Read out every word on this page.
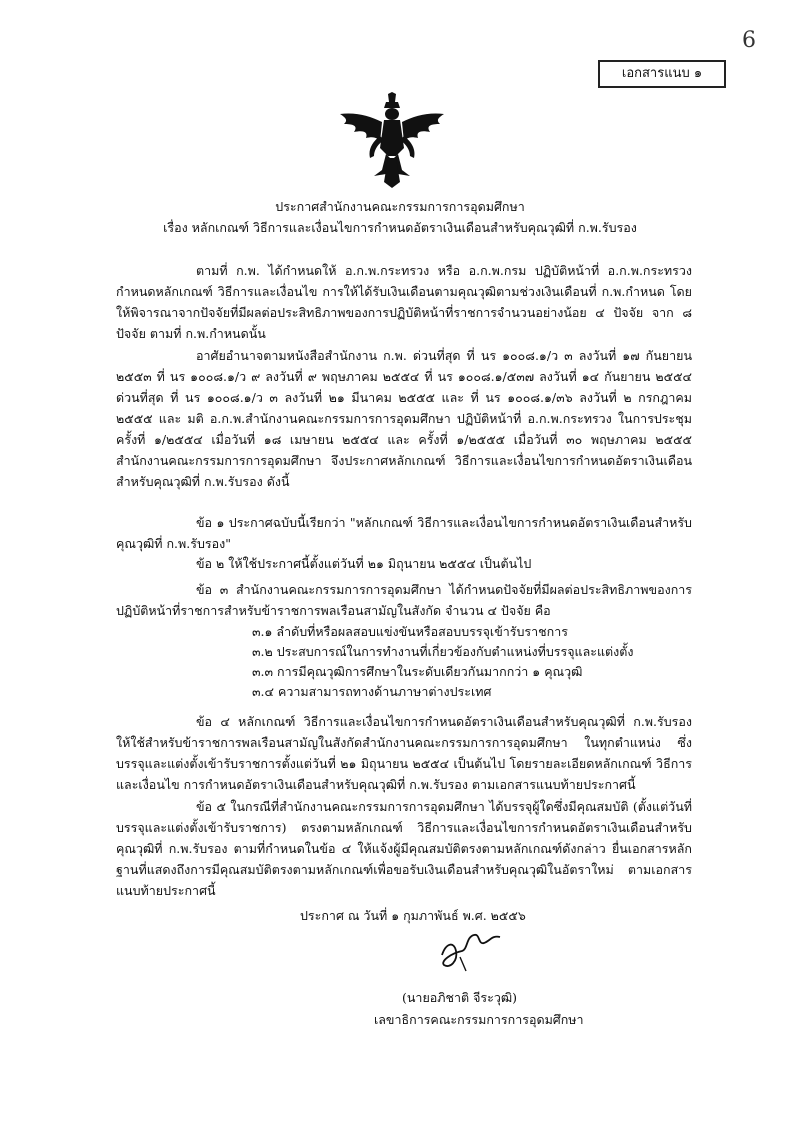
6
เอกสารแนบ ๑
ประกาศสำนักงานคณะกรรมการการอุดมศึกษา
เรื่อง หลักเกณฑ์ วิธีการและเงื่อนไขการกำหนดอัตราเงินเดือนสำหรับคุณวุฒิที่ ก.พ.รับรอง

ตามที่ ก.พ. ได้กำหนดให้ อ.ก.พ.กระทรวง หรือ อ.ก.พ.กรม ปฏิบัติหน้าที่ อ.ก.พ.กระทรวง กำหนดหลักเกณฑ์ วิธีการและเงื่อนไข การให้ได้รับเงินเดือนตามคุณวุฒิตามช่วงเงินเดือนที่ ก.พ.กำหนด โดยให้พิจารณาจากปัจจัยที่มีผลต่อประสิทธิภาพของการปฏิบัติหน้าที่ราชการจำนวนอย่างน้อย ๔ ปัจจัย จาก ๘ ปัจจัย ตามที่ ก.พ.กำหนดนั้น

อาศัยอำนาจตามหนังสือสำนักงาน ก.พ. ด่วนที่สุด ที่ นร ๑๐๐๘.๑/ว ๓ ลงวันที่ ๑๗ กันยายน ๒๕๕๓ ที่ นร ๑๐๐๘.๑/ว ๙ ลงวันที่ ๙ พฤษภาคม ๒๕๕๔ ที่ นร ๑๐๐๘.๑/๕๓๗ ลงวันที่ ๑๔ กันยายน ๒๕๕๔ ด่วนที่สุด ที่ นร ๑๐๐๘.๑/ว ๓ ลงวันที่ ๒๑ มีนาคม ๒๕๕๕ และ ที่ นร ๑๐๐๘.๑/๓๖ ลงวันที่ ๒ กรกฎาคม ๒๕๕๕ และ มติ อ.ก.พ.สำนักงานคณะกรรมการการอุดมศึกษา ปฏิบัติหน้าที่ อ.ก.พ.กระทรวง ในการประชุมครั้งที่ ๑/๒๕๕๔ เมื่อวันที่ ๑๘ เมษายน ๒๕๕๔ และ ครั้งที่ ๑/๒๕๕๕ เมื่อวันที่ ๓๐ พฤษภาคม ๒๕๕๕ สำนักงานคณะกรรมการการอุดมศึกษา จึงประกาศหลักเกณฑ์ วิธีการและเงื่อนไขการกำหนดอัตราเงินเดือนสำหรับคุณวุฒิที่ ก.พ.รับรอง ดังนี้

ข้อ ๑ ประกาศฉบับนี้เรียกว่า "หลักเกณฑ์ วิธีการและเงื่อนไขการกำหนดอัตราเงินเดือนสำหรับคุณวุฒิที่ ก.พ.รับรอง"

ข้อ ๒ ให้ใช้ประกาศนี้ตั้งแต่วันที่ ๒๑ มิถุนายน ๒๕๕๔ เป็นต้นไป

ข้อ ๓ สำนักงานคณะกรรมการการอุดมศึกษา ได้กำหนดปัจจัยที่มีผลต่อประสิทธิภาพของการปฏิบัติหน้าที่ราชการสำหรับข้าราชการพลเรือนสามัญในสังกัด จำนวน ๔ ปัจจัย คือ

๓.๑ ลำดับที่หรือผลสอบแข่งขันหรือสอบบรรจุเข้ารับราชการ
๓.๒ ประสบการณ์ในการทำงานที่เกี่ยวข้องกับตำแหน่งที่บรรจุและแต่งตั้ง
๓.๓ การมีคุณวุฒิการศึกษาในระดับเดียวกันมากกว่า ๑ คุณวุฒิ
๓.๔ ความสามารถทางด้านภาษาต่างประเทศ

ข้อ ๔ หลักเกณฑ์ วิธีการและเงื่อนไขการกำหนดอัตราเงินเดือนสำหรับคุณวุฒิที่ ก.พ.รับรอง ให้ใช้สำหรับข้าราชการพลเรือนสามัญในสังกัดสำนักงานคณะกรรมการการอุดมศึกษา ในทุกตำแหน่ง ซึ่งบรรจุและแต่งตั้งเข้ารับราชการตั้งแต่วันที่ ๒๑ มิถุนายน ๒๕๕๔ เป็นต้นไป โดยรายละเอียดหลักเกณฑ์ วิธีการและเงื่อนไข การกำหนดอัตราเงินเดือนสำหรับคุณวุฒิที่ ก.พ.รับรอง ตามเอกสารแนบท้ายประกาศนี้

ข้อ ๕ ในกรณีที่สำนักงานคณะกรรมการการอุดมศึกษา ได้บรรจุผู้ใดซึ่งมีคุณสมบัติ (ตั้งแต่วันที่บรรจุและแต่งตั้งเข้ารับราชการ) ตรงตามหลักเกณฑ์ วิธีการและเงื่อนไขการกำหนดอัตราเงินเดือนสำหรับคุณวุฒิที่ ก.พ.รับรอง ตามที่กำหนดในข้อ ๔ ให้แจ้งผู้มีคุณสมบัติตรงตามหลักเกณฑ์ดังกล่าว ยื่นเอกสารหลักฐานที่แสดงถึงการมีคุณสมบัติตรงตามหลักเกณฑ์เพื่อขอรับเงินเดือนสำหรับคุณวุฒิในอัตราใหม่ ตามเอกสารแนบท้ายประกาศนี้

ประกาศ ณ วันที่ ๑ กุมภาพันธ์ พ.ศ. ๒๕๕๖
(นายอภิชาติ จีระวุฒิ)
เลขาธิการคณะกรรมการการอุดมศึกษา
